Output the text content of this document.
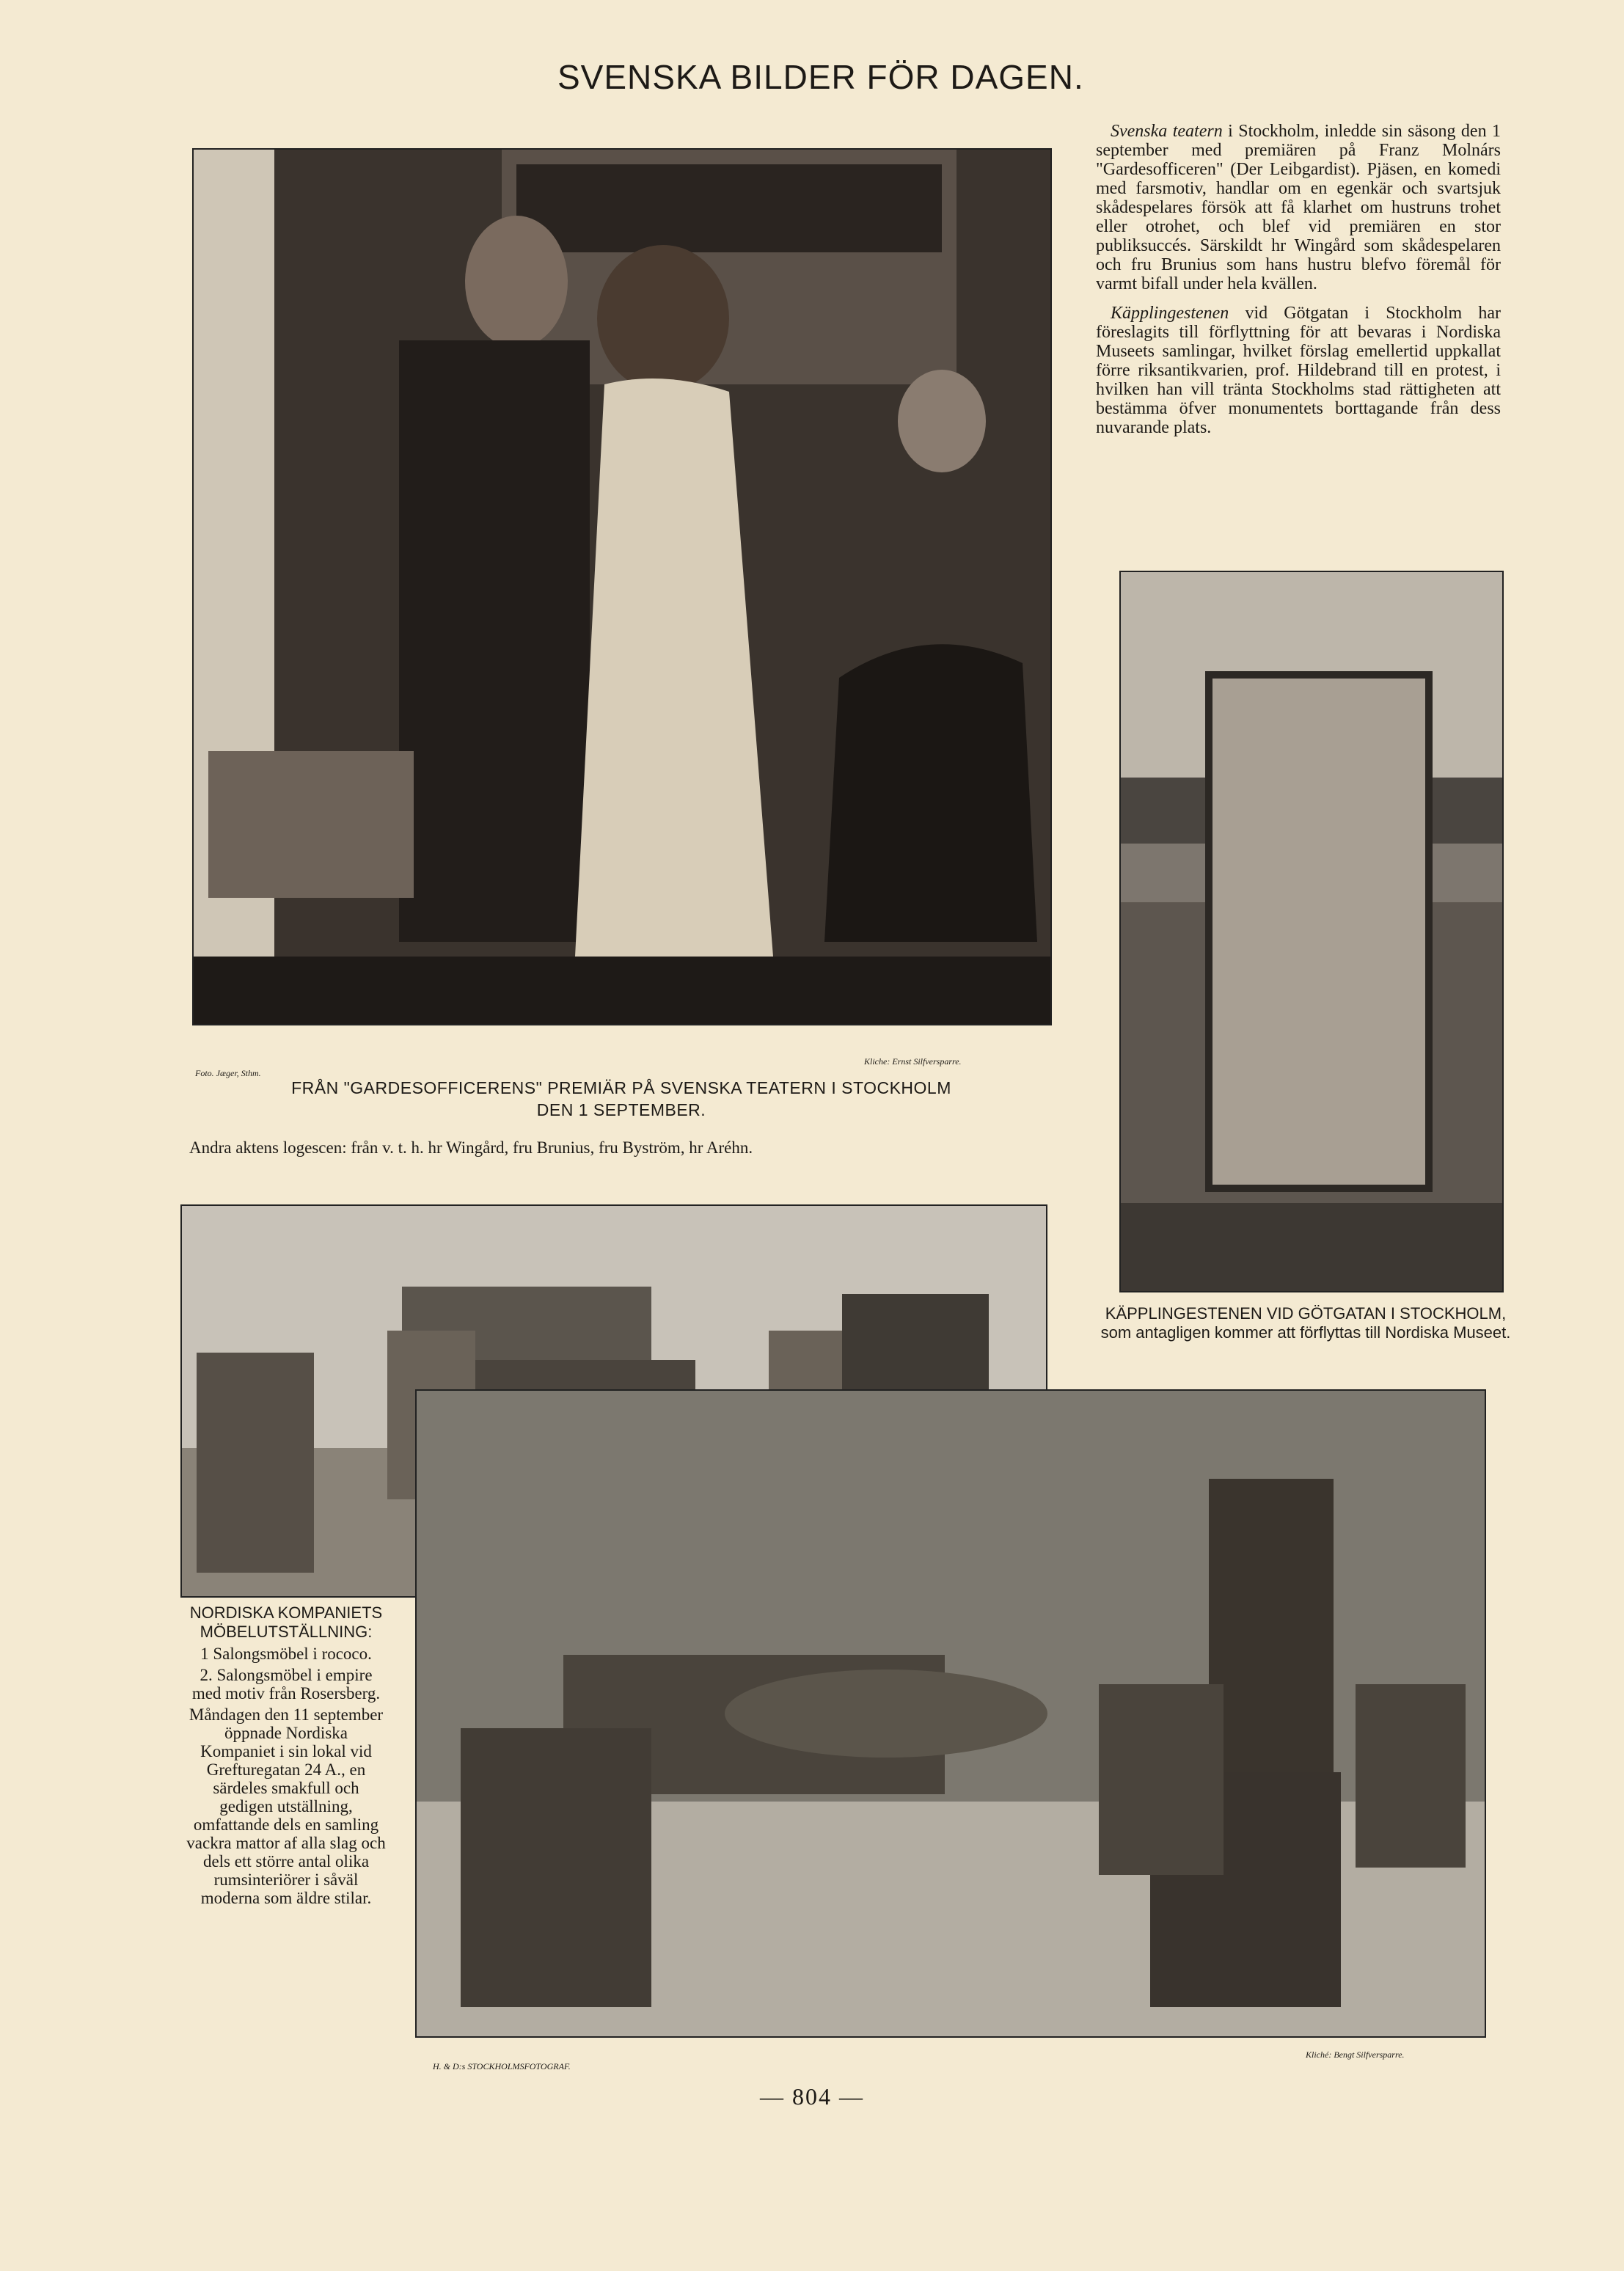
SVENSKA BILDER FÖR DAGEN.
Foto. Jæger, Sthm.
Kliche: Ernst Silfversparre.
FRÅN "GARDESOFFICERENS" PREMIÄR PÅ SVENSKA TEATERN I STOCKHOLM
DEN 1 SEPTEMBER.
Andra aktens logescen: från v. t. h. hr Wingård, fru Brunius, fru Byström, hr Aréhn.

Svenska teatern i Stockholm, inledde sin säsong den 1 september med premiären på Franz Molnárs "Gardesofficeren" (Der Leibgardist). Pjäsen, en komedi med farsmotiv, handlar om en egenkär och svartsjuk skådespelares försök att få klarhet om hustruns trohet eller otrohet, och blef vid premiären en stor publiksuccés. Särskildt hr Wingård som skådespelaren och fru Brunius som hans hustru blefvo föremål för varmt bifall under hela kvällen.

Käpplingestenen vid Götgatan i Stockholm har föreslagits till förflyttning för att bevaras i Nordiska Museets samlingar, hvilket förslag emellertid uppkallat förre riksantikvarien, prof. Hildebrand till en protest, i hvilken han vill tränta Stockholms stad rättigheten att bestämma öfver monumentets borttagande från dess nuvarande plats.

KÄPPLINGESTENEN VID GÖTGATAN I STOCKHOLM, som antagligen kommer att förflyttas till Nordiska Museet.
NORDISKA KOMPANIETS MÖBELUTSTÄLLNING:

1 Salongsmöbel i rococo.

2. Salongsmöbel i empire med motiv från Rosersberg.

Måndagen den 11 september öppnade Nordiska Kompaniet i sin lokal vid Grefturegatan 24 A., en särdeles smakfull och gedigen utställning, omfattande dels en samling vackra mattor af alla slag och dels ett större antal olika rumsinteriörer i såväl moderna som äldre stilar.

H. & D:s STOCKHOLMSFOTOGRAF.
Kliché: Bengt Silfversparre.
— 804 —
